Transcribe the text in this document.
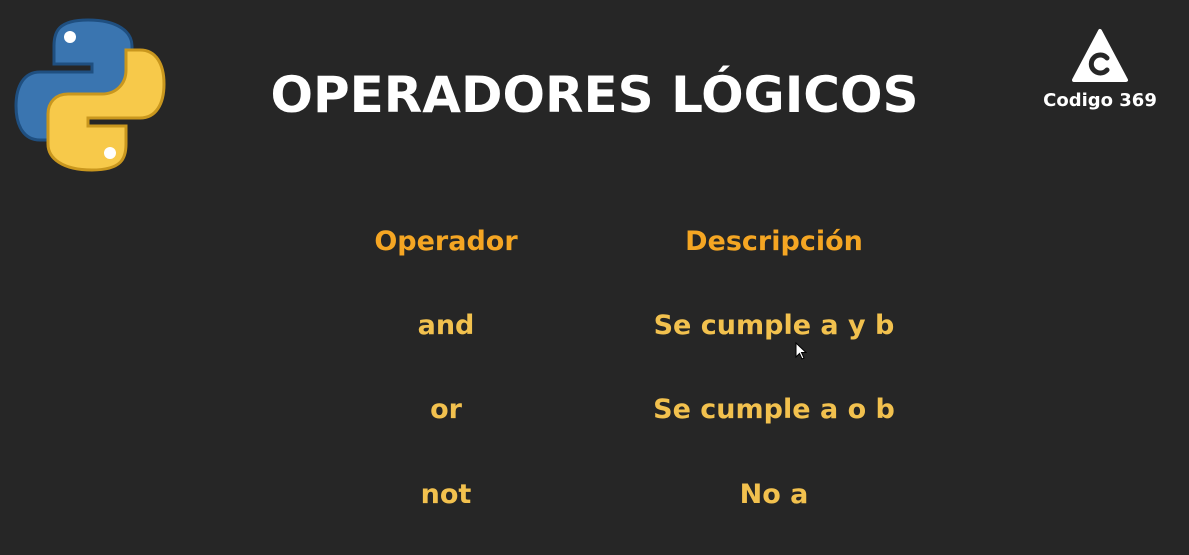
OPERADORES LÓGICOS	Codigo 369
Operador	Descripción
and	Se cumple a y b
or	Se cumple a o b
not	No a
